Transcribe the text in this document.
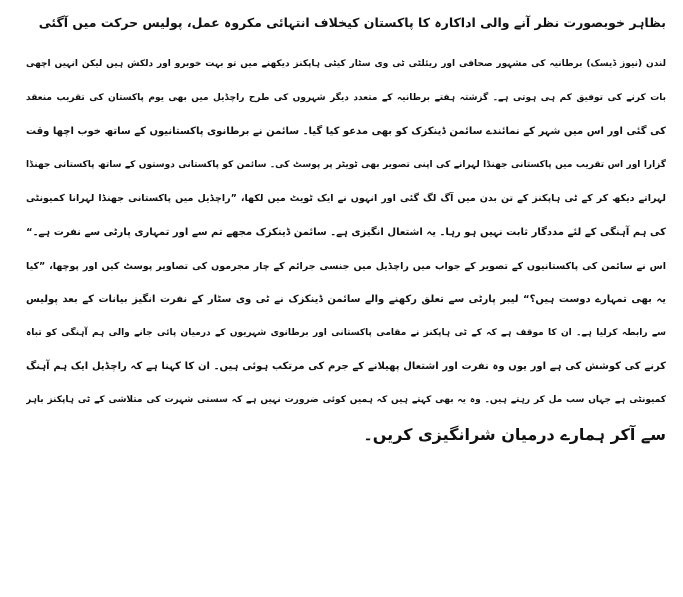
بظاہر خوبصورت نظر آنے والی اداکارہ کا پاکستان کیخلاف انتہائی مکروہ عمل، پولیس حرکت میں آگئی
لندن (نیوز ڈیسک) برطانیہ کی مشہور صحافی اور ریئلٹی ٹی وی سٹار کیٹی ہاپکنز دیکھنے میں تو بہت خوبرو اور دلکش ہیں لیکن انہیں اچھی
بات کرنے کی توفیق کم ہی ہوتی ہے۔ گزشتہ ہفتے برطانیہ کے متعدد دیگر شہروں کی طرح راچڈیل میں بھی یوم پاکستان کی تقریب منعقد
کی گئی اور اس میں شہر کے نمائندے سائمن ڈینکزک کو بھی مدعو کیا گیا۔ سائمن نے برطانوی پاکستانیوں کے ساتھ خوب اچھا وقت
گزارا اور اس تقریب میں پاکستانی جھنڈا لہرانے کی اپنی تصویر بھی ٹویٹر پر پوسٹ کی۔ سائمن کو پاکستانی دوستوں کے ساتھ پاکستانی جھنڈا
لہراتے دیکھ کر کے ٹی ہاپکنز کے تن بدن میں آگ لگ گئی اور انہوں نے ایک ٹویٹ میں لکھا، ”راچڈیل میں پاکستانی جھنڈا لہرانا کمیونٹی
کی ہم آہنگی کے لئے مددگار ثابت نہیں ہو رہا۔ یہ اشتعال انگیزی ہے۔ سائمن ڈینکزک مجھے تم سے اور تمہاری پارٹی سے نفرت ہے۔“
اس نے سائمن کی پاکستانیوں کے تصویر کے جواب میں راچڈیل میں جنسی جرائم کے چار مجرموں کی تصاویر پوسٹ کیں اور پوچھا، ”کیا
یہ بھی تمہارے دوست ہیں؟“ لیبر پارٹی سے تعلق رکھنے والے سائمن ڈینکزک نے ٹی وی سٹار کے نفرت انگیز بیانات کے بعد پولیس
سے رابطہ کرلیا ہے۔ ان کا موقف ہے کہ کے ٹی ہاپکنز نے مقامی پاکستانی اور برطانوی شہریوں کے درمیان پائی جانے والی ہم آہنگی کو تباہ
کرنے کی کوشش کی ہے اور یوں وہ نفرت اور اشتعال پھیلانے کے جرم کی مرتکب ہوئی ہیں۔ ان کا کہنا ہے کہ راچڈیل ایک ہم آہنگ
کمیونٹی ہے جہاں سب مل کر رہتے ہیں۔ وہ یہ بھی کہتے ہیں کہ ہمیں کوئی ضرورت نہیں ہے کہ سستی شہرت کی متلاشی کے ٹی ہاپکنز باہر
سے آکر ہمارے درمیان شرانگیزی کریں۔
